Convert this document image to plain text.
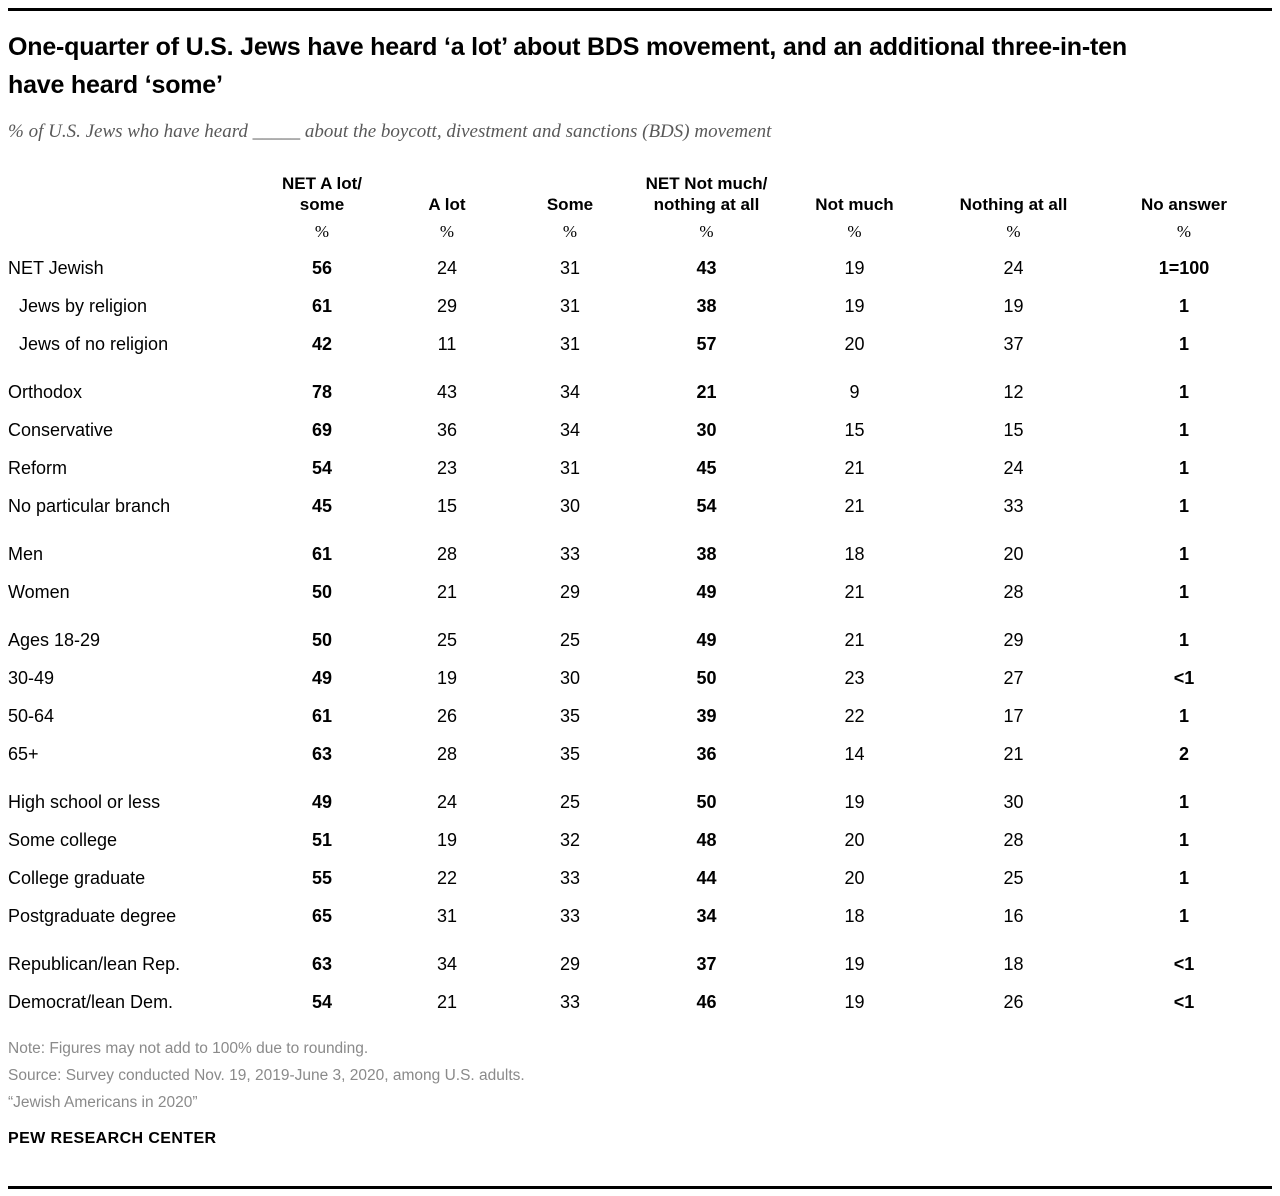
One-quarter of U.S. Jews have heard ‘a lot’ about BDS movement, and an additional three-in-ten have heard ‘some’
% of U.S. Jews who have heard _____ about the boycott, divestment and sanctions (BDS) movement
	NET A lot/
some	A lot	Some	NET Not much/
nothing at all	Not much	Nothing at all	No answer
	%	%	%	%	%	%	%
NET Jewish	56	24	31	43	19	24	1=100
Jews by religion	61	29	31	38	19	19	1
Jews of no religion	42	11	31	57	20	37	1
Orthodox	78	43	34	21	9	12	1
Conservative	69	36	34	30	15	15	1
Reform	54	23	31	45	21	24	1
No particular branch	45	15	30	54	21	33	1
Men	61	28	33	38	18	20	1
Women	50	21	29	49	21	28	1
Ages 18-29	50	25	25	49	21	29	1
30-49	49	19	30	50	23	27	<1
50-64	61	26	35	39	22	17	1
65+	63	28	35	36	14	21	2
High school or less	49	24	25	50	19	30	1
Some college	51	19	32	48	20	28	1
College graduate	55	22	33	44	20	25	1
Postgraduate degree	65	31	33	34	18	16	1
Republican/lean Rep.	63	34	29	37	19	18	<1
Democrat/lean Dem.	54	21	33	46	19	26	<1
Note: Figures may not add to 100% due to rounding.
Source: Survey conducted Nov. 19, 2019-June 3, 2020, among U.S. adults.
“Jewish Americans in 2020”
PEW RESEARCH CENTER
